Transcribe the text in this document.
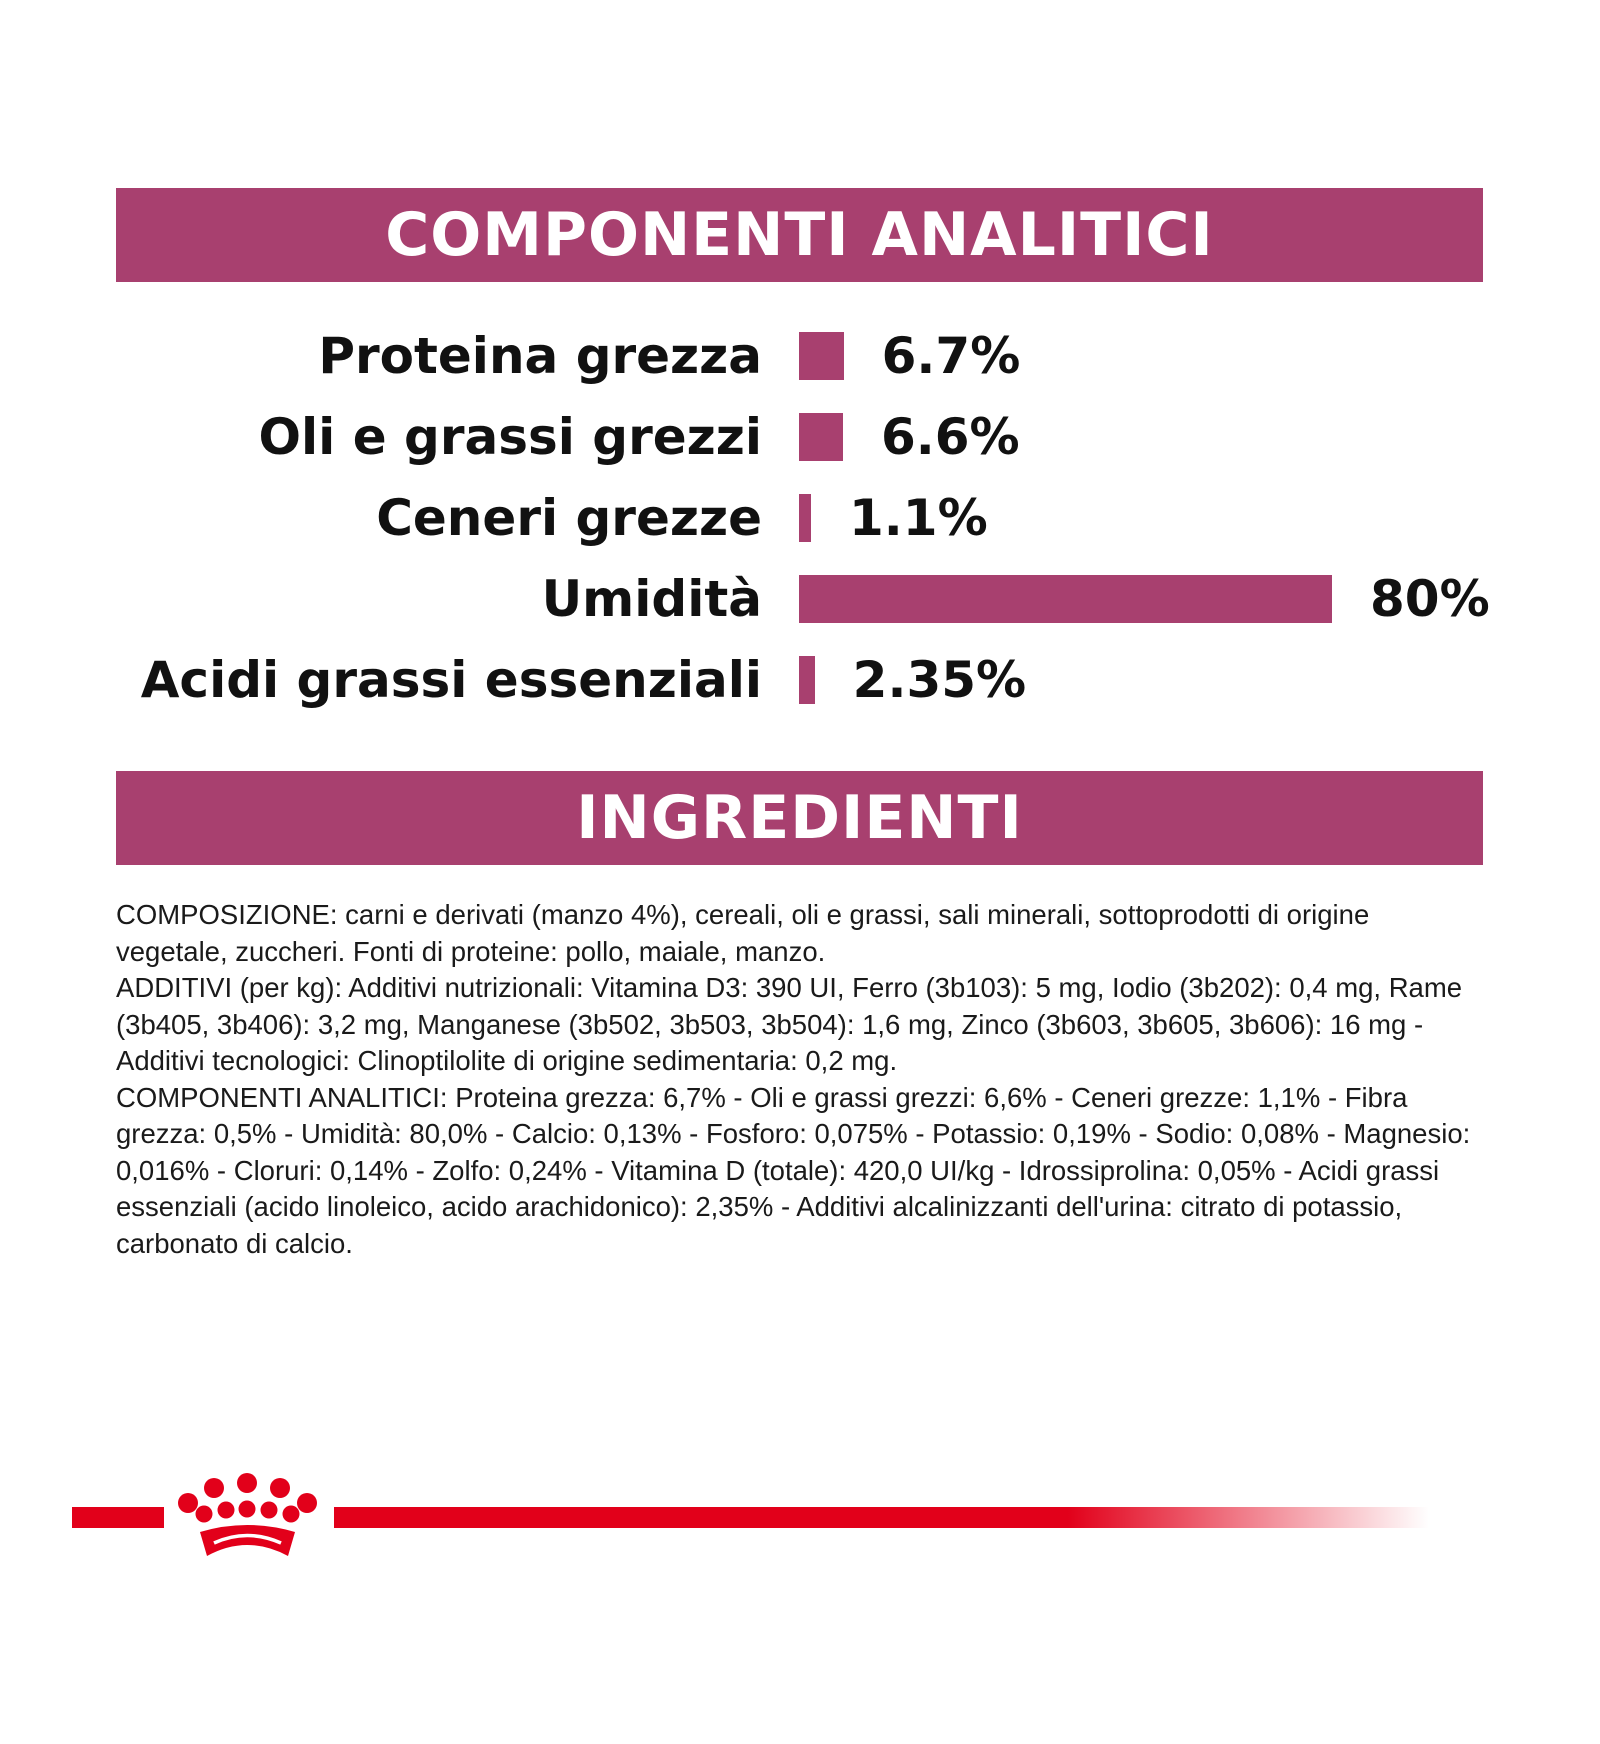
COMPONENTI ANALITICI
Proteina grezza 6.7%
Oli e grassi grezzi 6.6%
Ceneri grezze 1.1%
Umidità	80%
Acidi grassi essenziali 2.35%
INGREDIENTI

COMPOSIZIONE: carni e derivati (manzo 4%), cereali, oli e grassi, sali minerali, sottoprodotti di origine vegetale, zuccheri. Fonti di proteine: pollo, maiale, manzo.

ADDITIVI (per kg): Additivi nutrizionali: Vitamina D3: 390 UI, Ferro (3b103): 5 mg, Iodio (3b202): 0,4 mg, Rame (3b405, 3b406): 3,2 mg, Manganese (3b502, 3b503, 3b504): 1,6 mg, Zinco (3b603, 3b605, 3b606): 16 mg - Additivi tecnologici: Clinoptilolite di origine sedimentaria: 0,2 mg.

COMPONENTI ANALITICI: Proteina grezza: 6,7% - Oli e grassi grezzi: 6,6% - Ceneri grezze: 1,1% - Fibra grezza: 0,5% - Umidità: 80,0% - Calcio: 0,13% - Fosforo: 0,075% - Potassio: 0,19% - Sodio: 0,08% - Magnesio: 0,016% - Cloruri: 0,14% - Zolfo: 0,24% - Vitamina D (totale): 420,0 UI/kg - Idrossiprolina: 0,05% - Acidi grassi essenziali (acido linoleico, acido arachidonico): 2,35% - Additivi alcalinizzanti dell'urina: citrato di potassio, carbonato di calcio.
